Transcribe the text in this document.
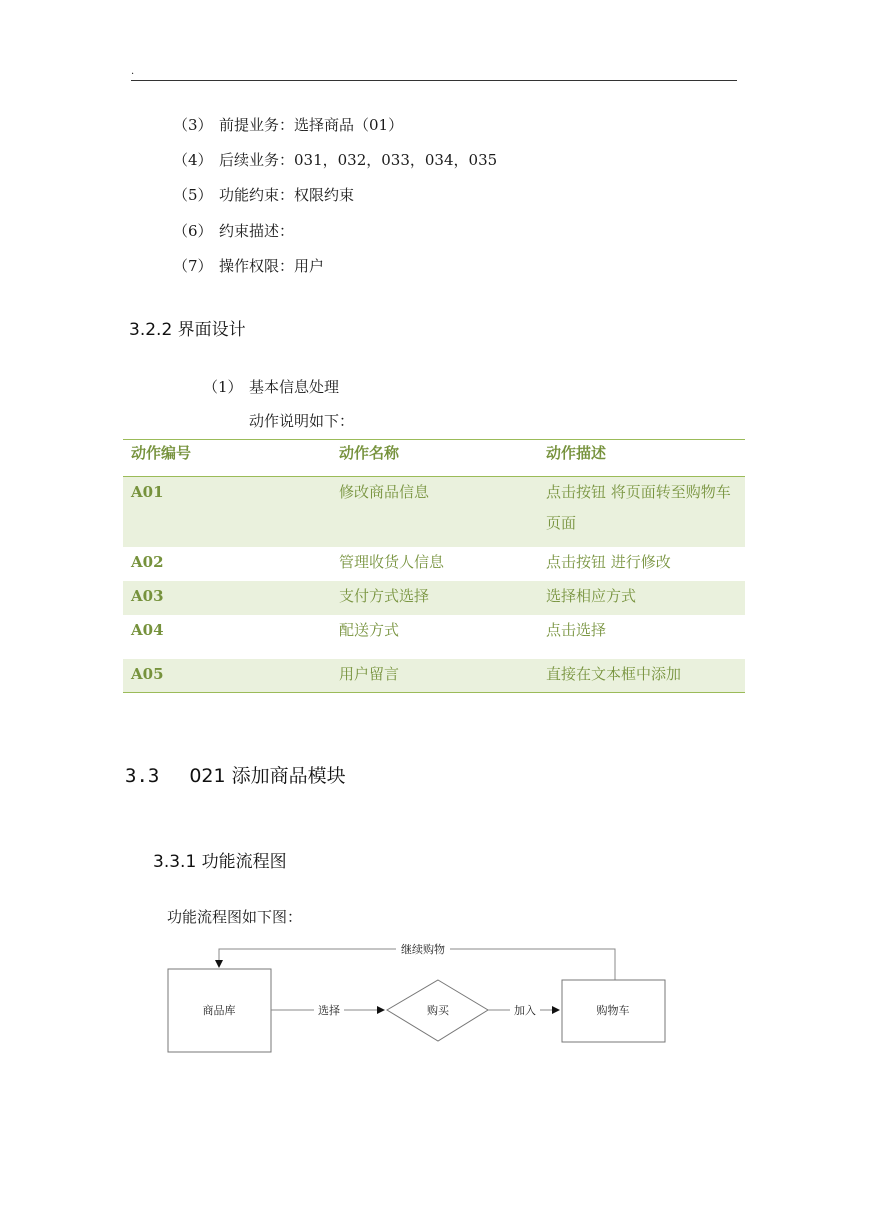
.
（3） 前提业务：选择商品（01）
（4） 后续业务：031，032，033，034，035
（5） 功能约束：权限约束
（6） 约束描述：
（7） 操作权限：用户
3.2.2 界面设计
（1） 基本信息处理
动作说明如下：
动作编号	动作名称	动作描述
A01	修改商品信息	点击按钮 将页面转至购物车页面
A02	管理收货人信息	点击按钮 进行修改
A03	支付方式选择	选择相应方式
A04	配送方式	点击选择
A05	用户留言	直接在文本框中添加
3.3 021 添加商品模块
3.3.1 功能流程图
功能流程图如下图：
继续购物
商品库	选择	购买	加入	购物车
